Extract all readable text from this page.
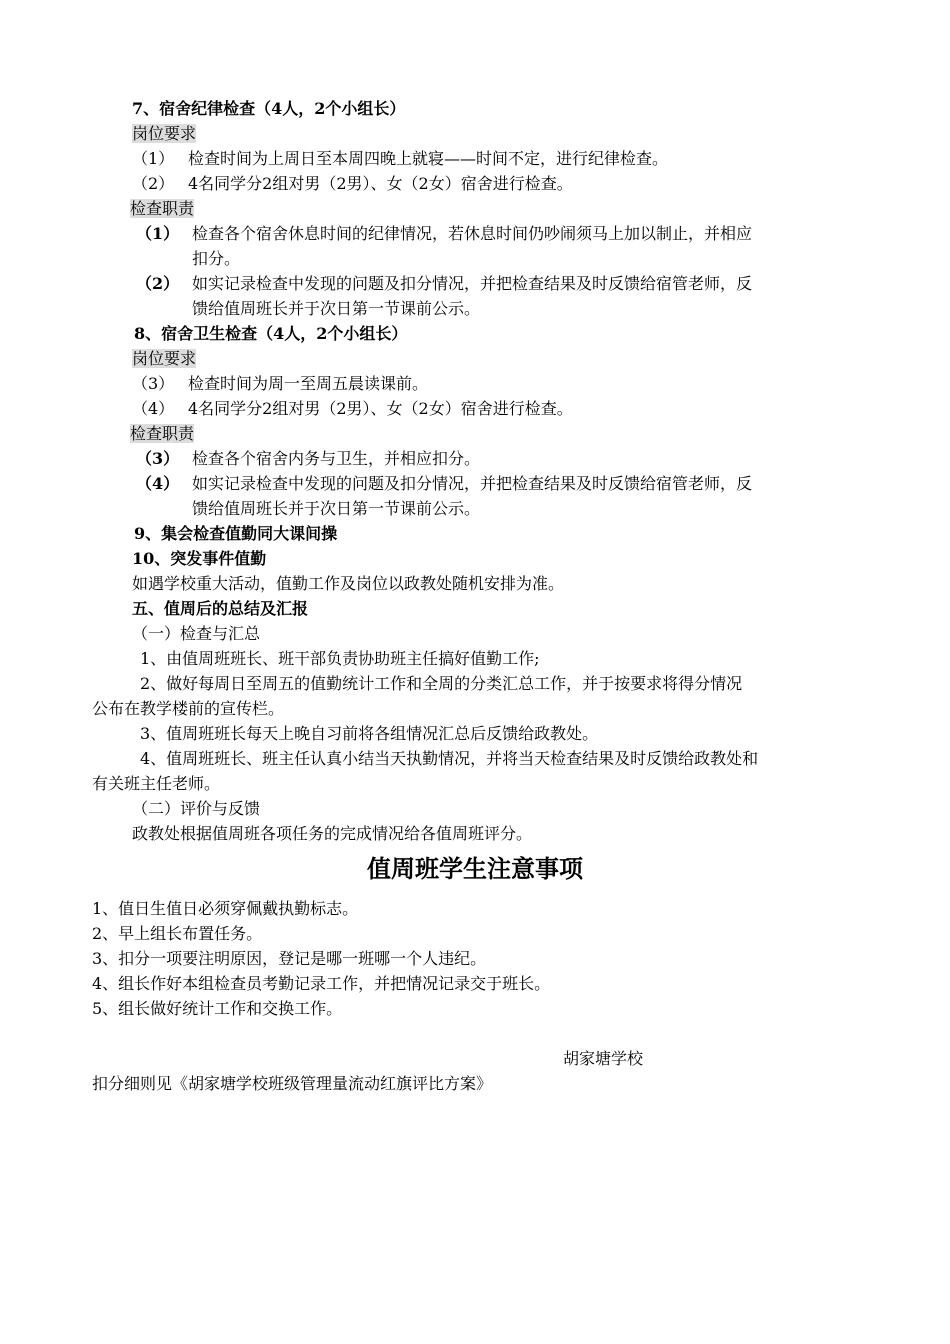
7、宿舍纪律检查（4人，2个小组长）
岗位要求
（1） 检查时间为上周日至本周四晚上就寝——时间不定，进行纪律检查。
（2） 4名同学分2组对男（2男）、女（2女）宿舍进行检查。
检查职责
（1） 检查各个宿舍休息时间的纪律情况，若休息时间仍吵闹须马上加以制止，并相应
扣分。
（2） 如实记录检查中发现的问题及扣分情况，并把检查结果及时反馈给宿管老师，反
馈给值周班长并于次日第一节课前公示。
8、宿舍卫生检查（4人，2个小组长）
岗位要求
（3） 检查时间为周一至周五晨读课前。
（4） 4名同学分2组对男（2男）、女（2女）宿舍进行检查。
检查职责
（3） 检查各个宿舍内务与卫生，并相应扣分。
（4） 如实记录检查中发现的问题及扣分情况，并把检查结果及时反馈给宿管老师，反
馈给值周班长并于次日第一节课前公示。
9、集会检查值勤同大课间操
10、突发事件值勤
如遇学校重大活动，值勤工作及岗位以政教处随机安排为准。
五、值周后的总结及汇报
（一）检查与汇总
1、由值周班班长、班干部负责协助班主任搞好值勤工作;
2、做好每周日至周五的值勤统计工作和全周的分类汇总工作，并于按要求将得分情况
公布在教学楼前的宣传栏。
3、值周班班长每天上晚自习前将各组情况汇总后反馈给政教处。
4、值周班班长、班主任认真小结当天执勤情况，并将当天检查结果及时反馈给政教处和
有关班主任老师。
（二）评价与反馈
政教处根据值周班各项任务的完成情况给各值周班评分。
值周班学生注意事项
1、值日生值日必须穿佩戴执勤标志。
2、早上组长布置任务。
3、扣分一项要注明原因，登记是哪一班哪一个人违纪。
4、组长作好本组检查员考勤记录工作，并把情况记录交于班长。
5、组长做好统计工作和交换工作。
胡家塘学校
扣分细则见《胡家塘学校班级管理量流动红旗评比方案》
